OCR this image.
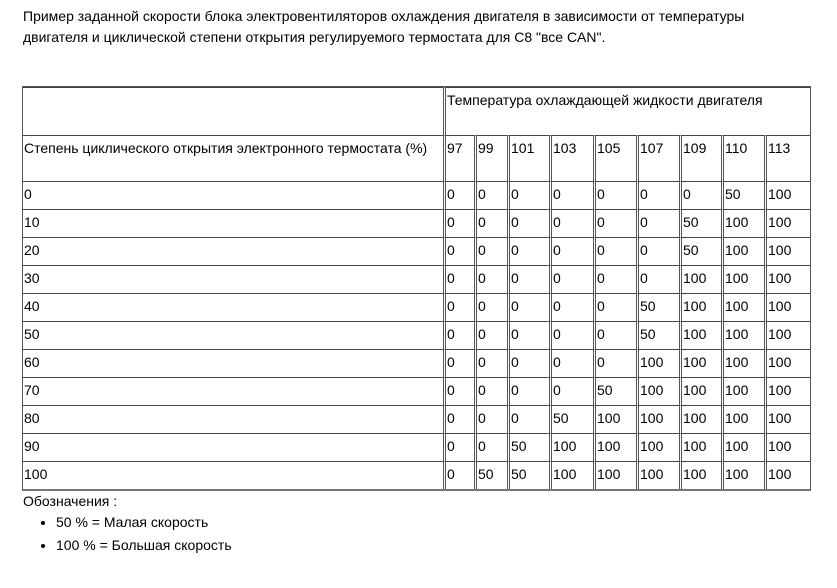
Пример заданной скорости блока электровентиляторов охлаждения двигателя в зависимости от температуры двигателя и циклической степени открытия регулируемого термостата для C8 "все CAN".

	Температура охлаждающей жидкости двигателя								
Степень циклического открытия электронного термостата (%)	97	99	101	103	105	107	109	110	113
0	0	0	0	0	0	0	0	50	100
10	0	0	0	0	0	0	50	100	100
20	0	0	0	0	0	0	50	100	100
30	0	0	0	0	0	0	100	100	100
40	0	0	0	0	0	50	100	100	100
50	0	0	0	0	0	50	100	100	100
60	0	0	0	0	0	100	100	100	100
70	0	0	0	0	50	100	100	100	100
80	0	0	0	50	100	100	100	100	100
90	0	0	50	100	100	100	100	100	100
100	0	50	50	100	100	100	100	100	100
Обозначения :
• 50 % = Малая скорость
• 100 % = Большая скорость
